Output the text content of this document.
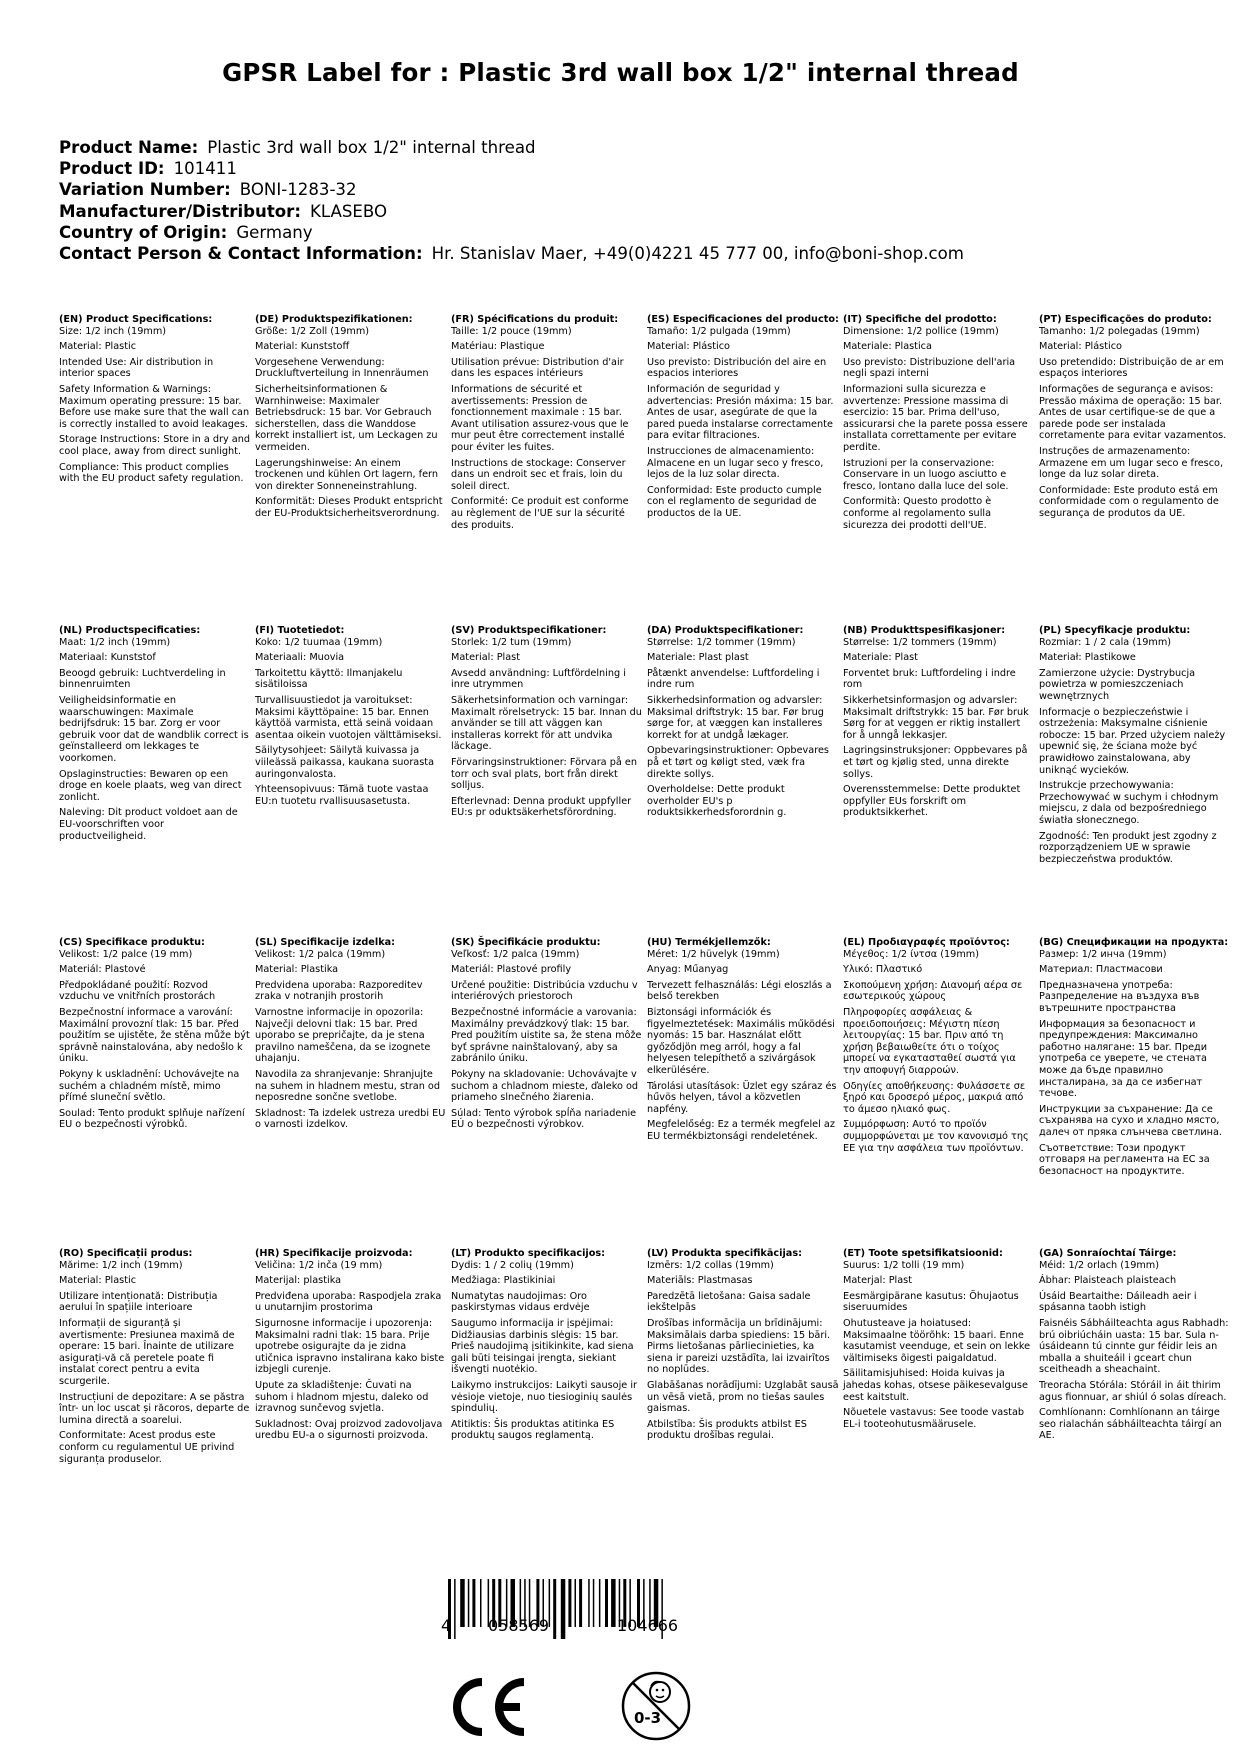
GPSR Label for : Plastic 3rd wall box 1/2" internal thread
Product Name: Plastic 3rd wall box 1/2" internal thread
Product ID: 101411
Variation Number: BONI-1283-32
Manufacturer/Distributor: KLASEBO
Country of Origin: Germany
Contact Person & Contact Information: Hr. Stanislav Maer, +49(0)4221 45 777 00, info@boni-shop.com
(EN) Product Specifications:
Size: 1/2 inch (19mm)
Material: Plastic
Intended Use: Air distribution in interior spaces
Safety Information & Warnings: Maximum operating pressure: 15 bar. Before use make sure that the wall can is correctly installed to avoid leakages.
Storage Instructions: Store in a dry and cool place, away from direct sunlight.
Compliance: This product complies with the EU product safety regulation.
(DE) Produktspezifikationen:
Größe: 1/2 Zoll (19mm)
Material: Kunststoff
Vorgesehene Verwendung: Druckluftverteilung in Innenräumen
Sicherheitsinformationen & Warnhinweise: Maximaler Betriebsdruck: 15 bar. Vor Gebrauch sicherstellen, dass die Wanddose korrekt installiert ist, um Leckagen zu vermeiden.
Lagerungshinweise: An einem trockenen und kühlen Ort lagern, fern von direkter Sonneneinstrahlung.
Konformität: Dieses Produkt entspricht der EU-Produktsicherheitsverordnung.
(FR) Spécifications du produit:
Taille: 1/2 pouce (19mm)
Matériau: Plastique
Utilisation prévue: Distribution d'air dans les espaces intérieurs
Informations de sécurité et avertissements: Pression de fonctionnement maximale : 15 bar. Avant utilisation assurez-vous que le mur peut être correctement installé pour éviter les fuites.
Instructions de stockage: Conserver dans un endroit sec et frais, loin du soleil direct.
Conformité: Ce produit est conforme au règlement de l'UE sur la sécurité des produits.
(ES) Especificaciones del producto:
Tamaño: 1/2 pulgada (19mm)
Material: Plástico
Uso previsto: Distribución del aire en espacios interiores
Información de seguridad y advertencias: Presión máxima: 15 bar. Antes de usar, asegúrate de que la pared pueda instalarse correctamente para evitar filtraciones.
Instrucciones de almacenamiento: Almacene en un lugar seco y fresco, lejos de la luz solar directa.
Conformidad: Este producto cumple con el reglamento de seguridad de productos de la UE.
(IT) Specifiche del prodotto:
Dimensione: 1/2 pollice (19mm)
Materiale: Plastica
Uso previsto: Distribuzione dell'aria negli spazi interni
Informazioni sulla sicurezza e avvertenze: Pressione massima di esercizio: 15 bar. Prima dell'uso, assicurarsi che la parete possa essere installata correttamente per evitare perdite.
Istruzioni per la conservazione: Conservare in un luogo asciutto e fresco, lontano dalla luce del sole.
Conformità: Questo prodotto è conforme al regolamento sulla sicurezza dei prodotti dell'UE.
(PT) Especificações do produto:
Tamanho: 1/2 polegadas (19mm)
Material: Plástico
Uso pretendido: Distribuição de ar em espaços interiores
Informações de segurança e avisos: Pressão máxima de operação: 15 bar. Antes de usar certifique-se de que a parede pode ser instalada corretamente para evitar vazamentos.
Instruções de armazenamento: Armazene em um lugar seco e fresco, longe da luz solar direta.
Conformidade: Este produto está em conformidade com o regulamento de segurança de produtos da UE.
(NL) Productspecificaties:
Maat: 1/2 inch (19mm)
Materiaal: Kunststof
Beoogd gebruik: Luchtverdeling in binnenruimten
Veiligheidsinformatie en waarschuwingen: Maximale bedrijfsdruk: 15 bar. Zorg er voor gebruik voor dat de wandblik correct is geïnstalleerd om lekkages te voorkomen.
Opslaginstructies: Bewaren op een droge en koele plaats, weg van direct zonlicht.
Naleving: Dit product voldoet aan de EU-voorschriften voor productveiligheid.
(FI) Tuotetiedot:
Koko: 1/2 tuumaa (19mm)
Materiaali: Muovia
Tarkoitettu käyttö: Ilmanjakelu sisätiloissa
Turvallisuustiedot ja varoitukset: Maksimi käyttöpaine: 15 bar. Ennen käyttöä varmista, että seinä voidaan asentaa oikein vuotojen välttämiseksi.
Säilytysohjeet: Säilytä kuivassa ja viileässä paikassa, kaukana suorasta auringonvalosta.
Yhteensopivuus: Tämä tuote vastaa EU:n tuotetu rvallisuusasetusta.
(SV) Produktspecifikationer:
Storlek: 1/2 tum (19mm)
Material: Plast
Avsedd användning: Luftfördelning i inre utrymmen
Säkerhetsinformation och varningar: Maximalt rörelsetryck: 15 bar. Innan du använder se till att väggen kan installeras korrekt för att undvika läckage.
Förvaringsinstruktioner: Förvara på en torr och sval plats, bort från direkt solljus.
Efterlevnad: Denna produkt uppfyller EU:s pr oduktsäkerhetsförordning.
(DA) Produktspecifikationer:
Størrelse: 1/2 tommer (19mm)
Materiale: Plast plast
Påtænkt anvendelse: Luftfordeling i indre rum
Sikkerhedsinformation og advarsler: Maksimal driftstryk: 15 bar. Før brug sørge for, at væggen kan installeres korrekt for at undgå lækager.
Opbevaringsinstruktioner: Opbevares på et tørt og køligt sted, væk fra direkte sollys.
Overholdelse: Dette produkt overholder EU's p roduktsikkerhedsforordnin g.
(NB) Produkttspesifikasjoner:
Størrelse: 1/2 tommers (19mm)
Materiale: Plast
Forventet bruk: Luftfordeling i indre rom
Sikkerhetsinformasjon og advarsler: Maksimalt driftstrykk: 15 bar. Før bruk Sørg for at veggen er riktig installert for å unngå lekkasjer.
Lagringsinstruksjoner: Oppbevares på et tørt og kjølig sted, unna direkte sollys.
Overensstemmelse: Dette produktet oppfyller EUs forskrift om produktsikkerhet.
(PL) Specyfikacje produktu:
Rozmiar: 1 / 2 cala (19mm)
Materiał: Plastikowe
Zamierzone użycie: Dystrybucja powietrza w pomieszczeniach wewnętrznych
Informacje o bezpieczeństwie i ostrzeżenia: Maksymalne ciśnienie robocze: 15 bar. Przed użyciem należy upewnić się, że ściana może być prawidłowo zainstalowana, aby uniknąć wycieków.
Instrukcje przechowywania: Przechowywać w suchym i chłodnym miejscu, z dala od bezpośredniego światła słonecznego.
Zgodność: Ten produkt jest zgodny z rozporządzeniem UE w sprawie bezpieczeństwa produktów.
(CS) Specifikace produktu:
Velikost: 1/2 palce (19 mm)
Materiál: Plastové
Předpokládané použití: Rozvod vzduchu ve vnitřních prostorách
Bezpečnostní informace a varování: Maximální provozní tlak: 15 bar. Před použitím se ujistěte, že stěna může být správně nainstalována, aby nedošlo k úniku.
Pokyny k uskladnění: Uchovávejte na suchém a chladném místě, mimo přímé sluneční světlo.
Soulad: Tento produkt splňuje nařízení EU o bezpečnosti výrobků.
(SL) Specifikacije izdelka:
Velikost: 1/2 palca (19mm)
Material: Plastika
Predvidena uporaba: Razporeditev zraka v notranjih prostorih
Varnostne informacije in opozorila: Največji delovni tlak: 15 bar. Pred uporabo se prepričajte, da je stena pravilno nameščena, da se izognete uhajanju.
Navodila za shranjevanje: Shranjujte na suhem in hladnem mestu, stran od neposredne sončne svetlobe.
Skladnost: Ta izdelek ustreza uredbi EU o varnosti izdelkov.
(SK) Špecifikácie produktu:
Veľkosť: 1/2 palca (19mm)
Materiál: Plastové profily
Určené použitie: Distribúcia vzduchu v interiérových priestoroch
Bezpečnostné informácie a varovania: Maximálny prevádzkový tlak: 15 bar. Pred použitím uistite sa, že stena môže byť správne nainštalovaný, aby sa zabránilo úniku.
Pokyny na skladovanie: Uchovávajte v suchom a chladnom mieste, ďaleko od priameho slnečného žiarenia.
Súlad: Tento výrobok spĺňa nariadenie EÚ o bezpečnosti výrobkov.
(HU) Termékjellemzők:
Méret: 1/2 hüvelyk (19mm)
Anyag: Műanyag
Tervezett felhasználás: Légi eloszlás a belső terekben
Biztonsági információk és figyelmeztetések: Maximális működési nyomás: 15 bar. Használat előtt győződjön meg arról, hogy a fal helyesen telepíthető a szivárgások elkerülésére.
Tárolási utasítások: Üzlet egy száraz és hűvös helyen, távol a közvetlen napfény.
Megfelelőség: Ez a termék megfelel az EU termékbiztonsági rendeletének.
(EL) Προδιαγραφές προϊόντος:
Μέγεθος: 1/2 ίντσα (19mm)
Υλικό: Πλαστικό
Σκοπούμενη χρήση: Διανομή αέρα σε εσωτερικούς χώρους
Πληροφορίες ασφάλειας & προειδοποιήσεις: Μέγιστη πίεση λειτουργίας: 15 bar. Πριν από τη χρήση βεβαιωθείτε ότι ο τοίχος μπορεί να εγκατασταθεί σωστά για την αποφυγή διαρροών.
Οδηγίες αποθήκευσης: Φυλάσσετε σε ξηρό και δροσερό μέρος, μακριά από το άμεσο ηλιακό φως.
Συμμόρφωση: Αυτό το προϊόν συμμορφώνεται με τον κανονισμό της ΕΕ για την ασφάλεια των προϊόντων.
(BG) Спецификации на продукта:
Размер: 1/2 инча (19mm)
Материал: Пластмасови
Предназначена употреба: Разпределение на въздуха във вътрешните пространства
Информация за безопасност и предупреждения: Максимално работно налягане: 15 bar. Преди употреба се уверете, че стената може да бъде правилно инсталирана, за да се избегнат течове.
Инструкции за съхранение: Да се съхранява на сухо и хладно място, далеч от пряка слънчева светлина.
Съответствие: Този продукт отговаря на регламента на ЕС за безопасност на продуктите.
(RO) Specificații produs:
Mărime: 1/2 inch (19mm)
Material: Plastic
Utilizare intenționată: Distribuția aerului în spațiile interioare
Informații de siguranță și avertismente: Presiunea maximă de operare: 15 bari. Înainte de utilizare asigurați-vă că peretele poate fi instalat corect pentru a evita scurgerile.
Instrucțiuni de depozitare: A se păstra într- un loc uscat și răcoros, departe de lumina directă a soarelui.
Conformitate: Acest produs este conform cu regulamentul UE privind siguranța produselor.
(HR) Specifikacije proizvoda:
Veličina: 1/2 inča (19 mm)
Materijal: plastika
Predviđena uporaba: Raspodjela zraka u unutarnjim prostorima
Sigurnosne informacije i upozorenja: Maksimalni radni tlak: 15 bara. Prije upotrebe osigurajte da je zidna utičnica ispravno instalirana kako biste izbjegli curenje.
Upute za skladištenje: Čuvati na suhom i hladnom mjestu, daleko od izravnog sunčevog svjetla.
Sukladnost: Ovaj proizvod zadovoljava uredbu EU-a o sigurnosti proizvoda.
(LT) Produkto specifikacijos:
Dydis: 1 / 2 colių (19mm)
Medžiaga: Plastikiniai
Numatytas naudojimas: Oro paskirstymas vidaus erdvėje
Saugumo informacija ir įspėjimai: Didžiausias darbinis slėgis: 15 bar. Prieš naudojimą įsitikinkite, kad siena gali būti teisingai įrengta, siekiant išvengti nuotėkio.
Laikymo instrukcijos: Laikyti sausoje ir vėsioje vietoje, nuo tiesioginių saulės spindulių.
Atitiktis: Šis produktas atitinka ES produktų saugos reglamentą.
(LV) Produkta specifikācijas:
Izmērs: 1/2 collas (19mm)
Materiāls: Plastmasas
Paredzētā lietošana: Gaisa sadale iekštelpās
Drošības informācija un brīdinājumi: Maksimālais darba spiediens: 15 bāri. Pirms lietošanas pārliecinieties, ka siena ir pareizi uzstādīta, lai izvairītos no noplūdes.
Glabāšanas norādījumi: Uzglabāt sausā un vēsā vietā, prom no tiešas saules gaismas.
Atbilstība: Šis produkts atbilst ES produktu drošības regulai.
(ET) Toote spetsifikatsioonid:
Suurus: 1/2 tolli (19 mm)
Materjal: Plast
Eesmärgipärane kasutus: Õhujaotus siseruumides
Ohutusteave ja hoiatused: Maksimaalne töörõhk: 15 baari. Enne kasutamist veenduge, et sein on lekke vältimiseks õigesti paigaldatud.
Säilitamisjuhised: Hoida kuivas ja jahedas kohas, otsese päikesevalguse eest kaitstult.
Nõuetele vastavus: See toode vastab EL-i tooteohutusmäärusele.
(GA) Sonraíochtaí Táirge:
Méid: 1/2 orlach (19mm)
Ábhar: Plaisteach plaisteach
Úsáid Beartaithe: Dáileadh aeir i spásanna taobh istigh
Faisnéis Sábháilteachta agus Rabhadh: brú oibriúcháin uasta: 15 bar. Sula n-úsáideann tú cinnte gur féidir leis an mballa a shuiteáil i gceart chun sceitheadh a sheachaint.
Treoracha Stórála: Stóráil in áit thirim agus fionnuar, ar shiúl ó solas díreach.
Comhlíonann: Comhlíonann an táirge seo rialachán sábháilteachta táirgí an AE.
4 058569	104666
0-3
